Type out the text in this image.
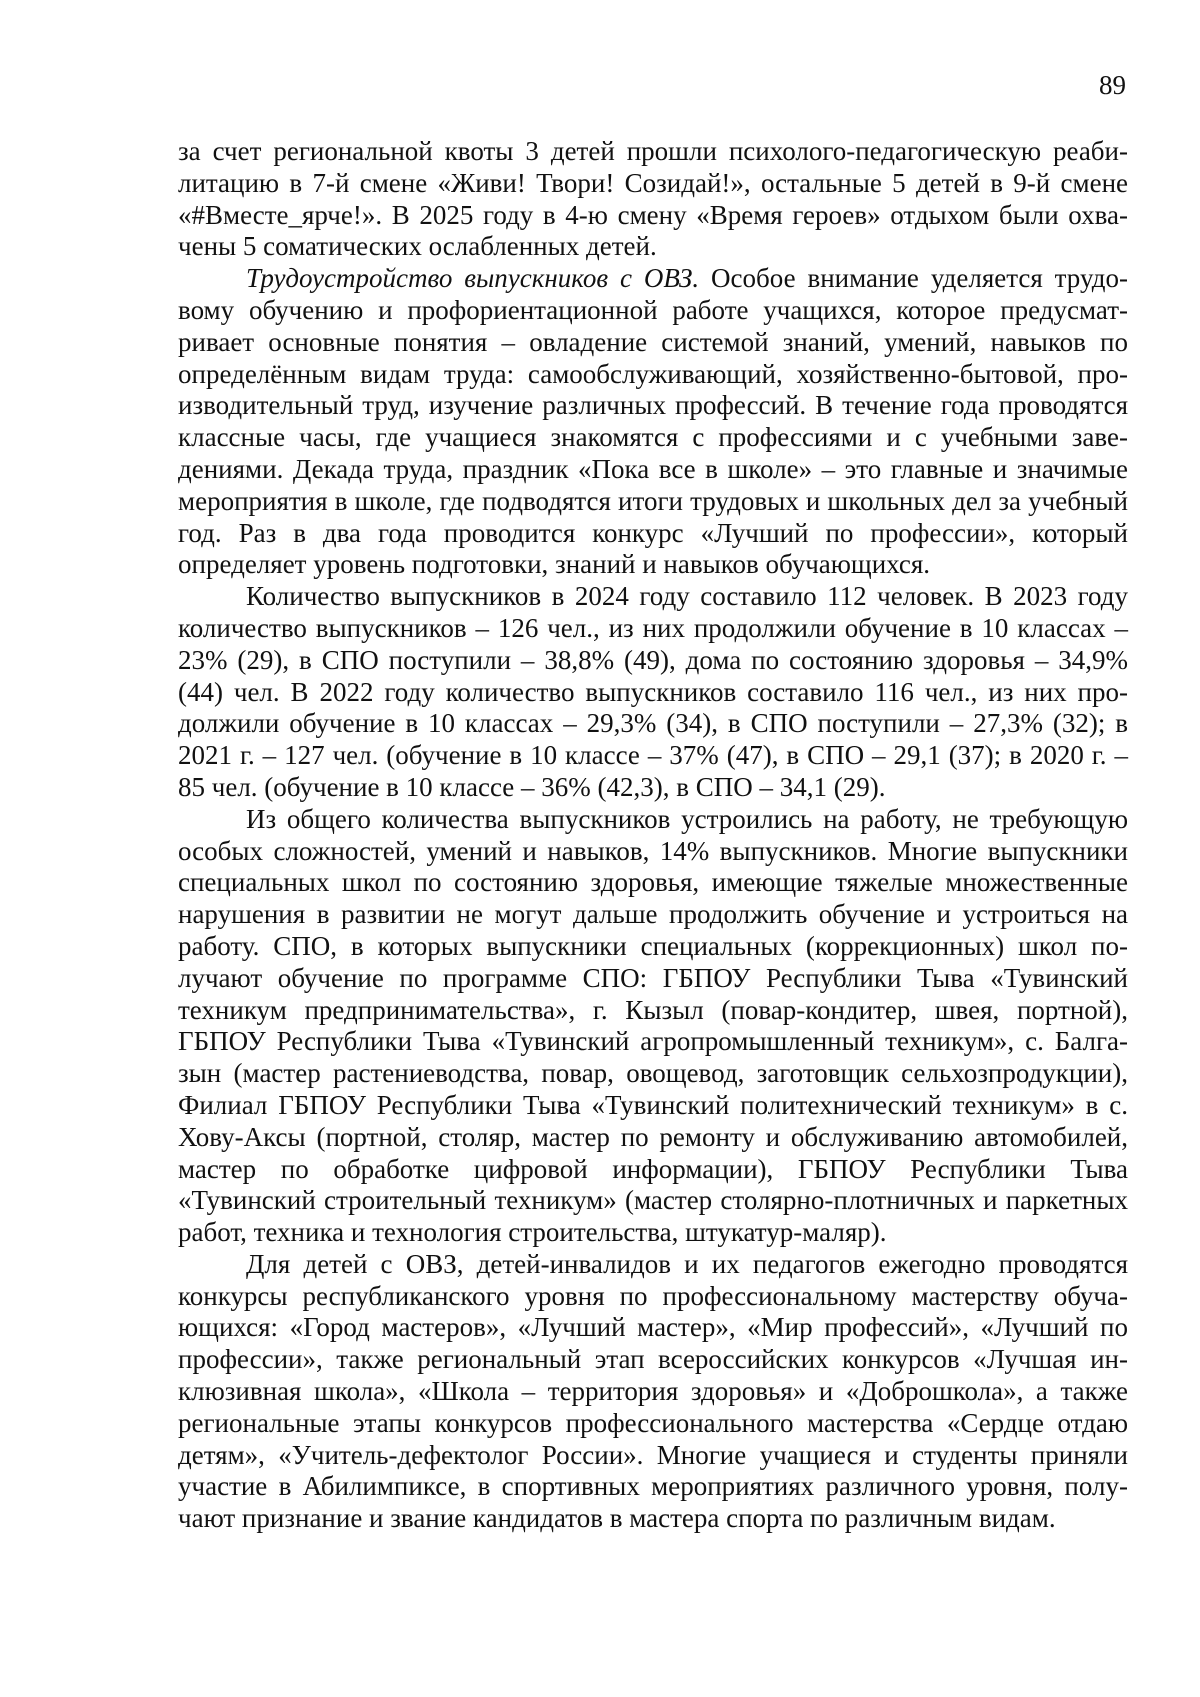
89

за счет региональной квоты 3 детей прошли психолого-педагогическую реабилитацию в 7-й смене «Живи! Твори! Созидай!», остальные 5 детей в 9-й смене «#Вместе_ярче!». В 2025 году в 4-ю смену «Время героев» отдыхом были охвачены 5 соматических ослабленных детей.

Трудоустройство выпускников с ОВЗ. Особое внимание уделяется трудовому обучению и профориентационной работе учащихся, которое предусматривает основные понятия – овладение системой знаний, умений, навыков по определённым видам труда: самообслуживающий, хозяйственно-бытовой, производительный труд, изучение различных профессий. В течение года проводятся классные часы, где учащиеся знакомятся с профессиями и с учебными заведениями. Декада труда, праздник «Пока все в школе» – это главные и значимые мероприятия в школе, где подводятся итоги трудовых и школьных дел за учебный год. Раз в два года проводится конкурс «Лучший по профессии», который определяет уровень подготовки, знаний и навыков обучающихся.

Количество выпускников в 2024 году составило 112 человек. В 2023 году количество выпускников – 126 чел., из них продолжили обучение в 10 классах – 23% (29), в СПО поступили – 38,8% (49), дома по состоянию здоровья – 34,9% (44) чел. В 2022 году количество выпускников составило 116 чел., из них продолжили обучение в 10 классах – 29,3% (34), в СПО поступили – 27,3% (32); в 2021 г. – 127 чел. (обучение в 10 классе – 37% (47), в СПО – 29,1 (37); в 2020 г. – 85 чел. (обучение в 10 классе – 36% (42,3), в СПО – 34,1 (29).

Из общего количества выпускников устроились на работу, не требующую особых сложностей, умений и навыков, 14% выпускников. Многие выпускники специальных школ по состоянию здоровья, имеющие тяжелые множественные нарушения в развитии не могут дальше продолжить обучение и устроиться на работу. СПО, в которых выпускники специальных (коррекционных) школ получают обучение по программе СПО: ГБПОУ Республики Тыва «Тувинский техникум предпринимательства», г. Кызыл (повар-кондитер, швея, портной), ГБПОУ Республики Тыва «Тувинский агропромышленный техникум», с. Балгазын (мастер растениеводства, повар, овощевод, заготовщик сельхозпродукции), Филиал ГБПОУ Республики Тыва «Тувинский политехнический техникум» в с. Хову-Аксы (портной, столяр, мастер по ремонту и обслуживанию автомобилей, мастер по обработке цифровой информации), ГБПОУ Республики Тыва «Тувинский строительный техникум» (мастер столярно-плотничных и паркетных работ, техника и технология строительства, штукатур-маляр).

Для детей с ОВЗ, детей-инвалидов и их педагогов ежегодно проводятся конкурсы республиканского уровня по профессиональному мастерству обучающихся: «Город мастеров», «Лучший мастер», «Мир профессий», «Лучший по профессии», также региональный этап всероссийских конкурсов «Лучшая инклюзивная школа», «Школа – территория здоровья» и «Доброшкола», а также региональные этапы конкурсов профессионального мастерства «Сердце отдаю детям», «Учитель-дефектолог России». Многие учащиеся и студенты приняли участие в Абилимпиксе, в спортивных мероприятиях различного уровня, получают признание и звание кандидатов в мастера спорта по различным видам.
